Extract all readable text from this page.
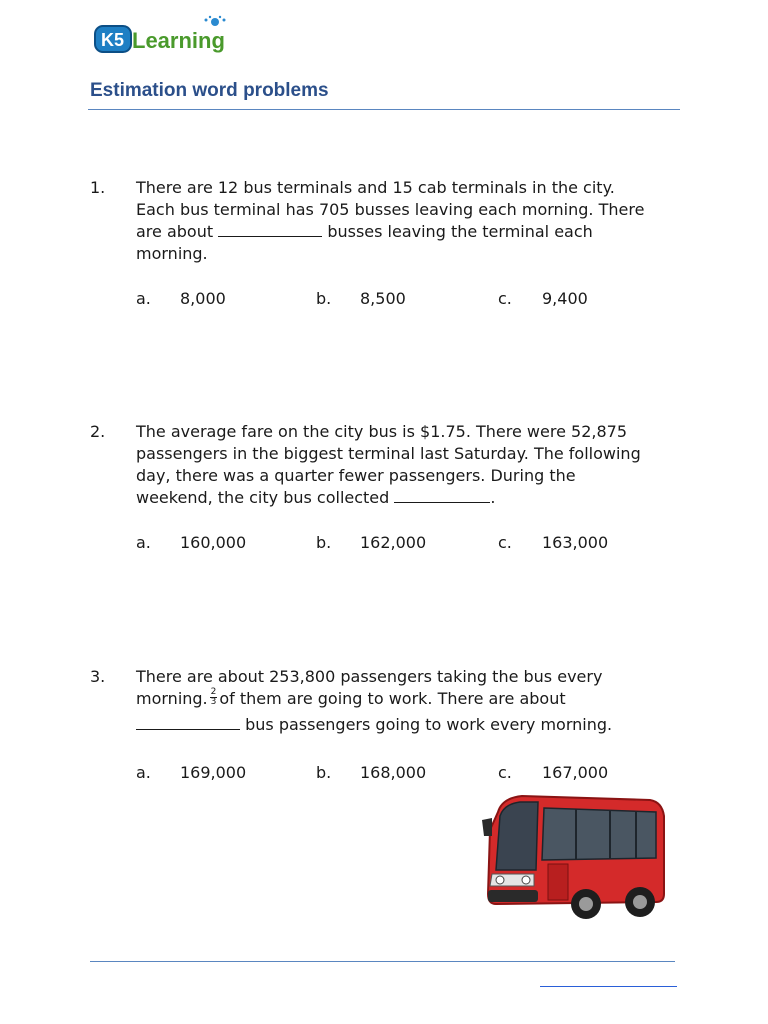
K5 Learning
Estimation word problems
1. There are 12 bus terminals and 15 cab terminals in the city.
Each bus terminal has 705 busses leaving each morning. There
are about	busses leaving the terminal each
morning.
a. 8,000	b. 8,500	c. 9,400
2. The average fare on the city bus is $1.75. There were 52,875
passengers in the biggest terminal last Saturday. The following
day, there was a quarter fewer passengers. During the
weekend, the city bus collected	.
a. 160,000	b. 162,000	c. 163,000
3. There are about 253,800 passengers taking the bus every
morning. $\frac{2}{3}$ of them are going to work. There are about
bus passengers going to work every morning.
a. 169,000	b. 168,000	c. 167,000
